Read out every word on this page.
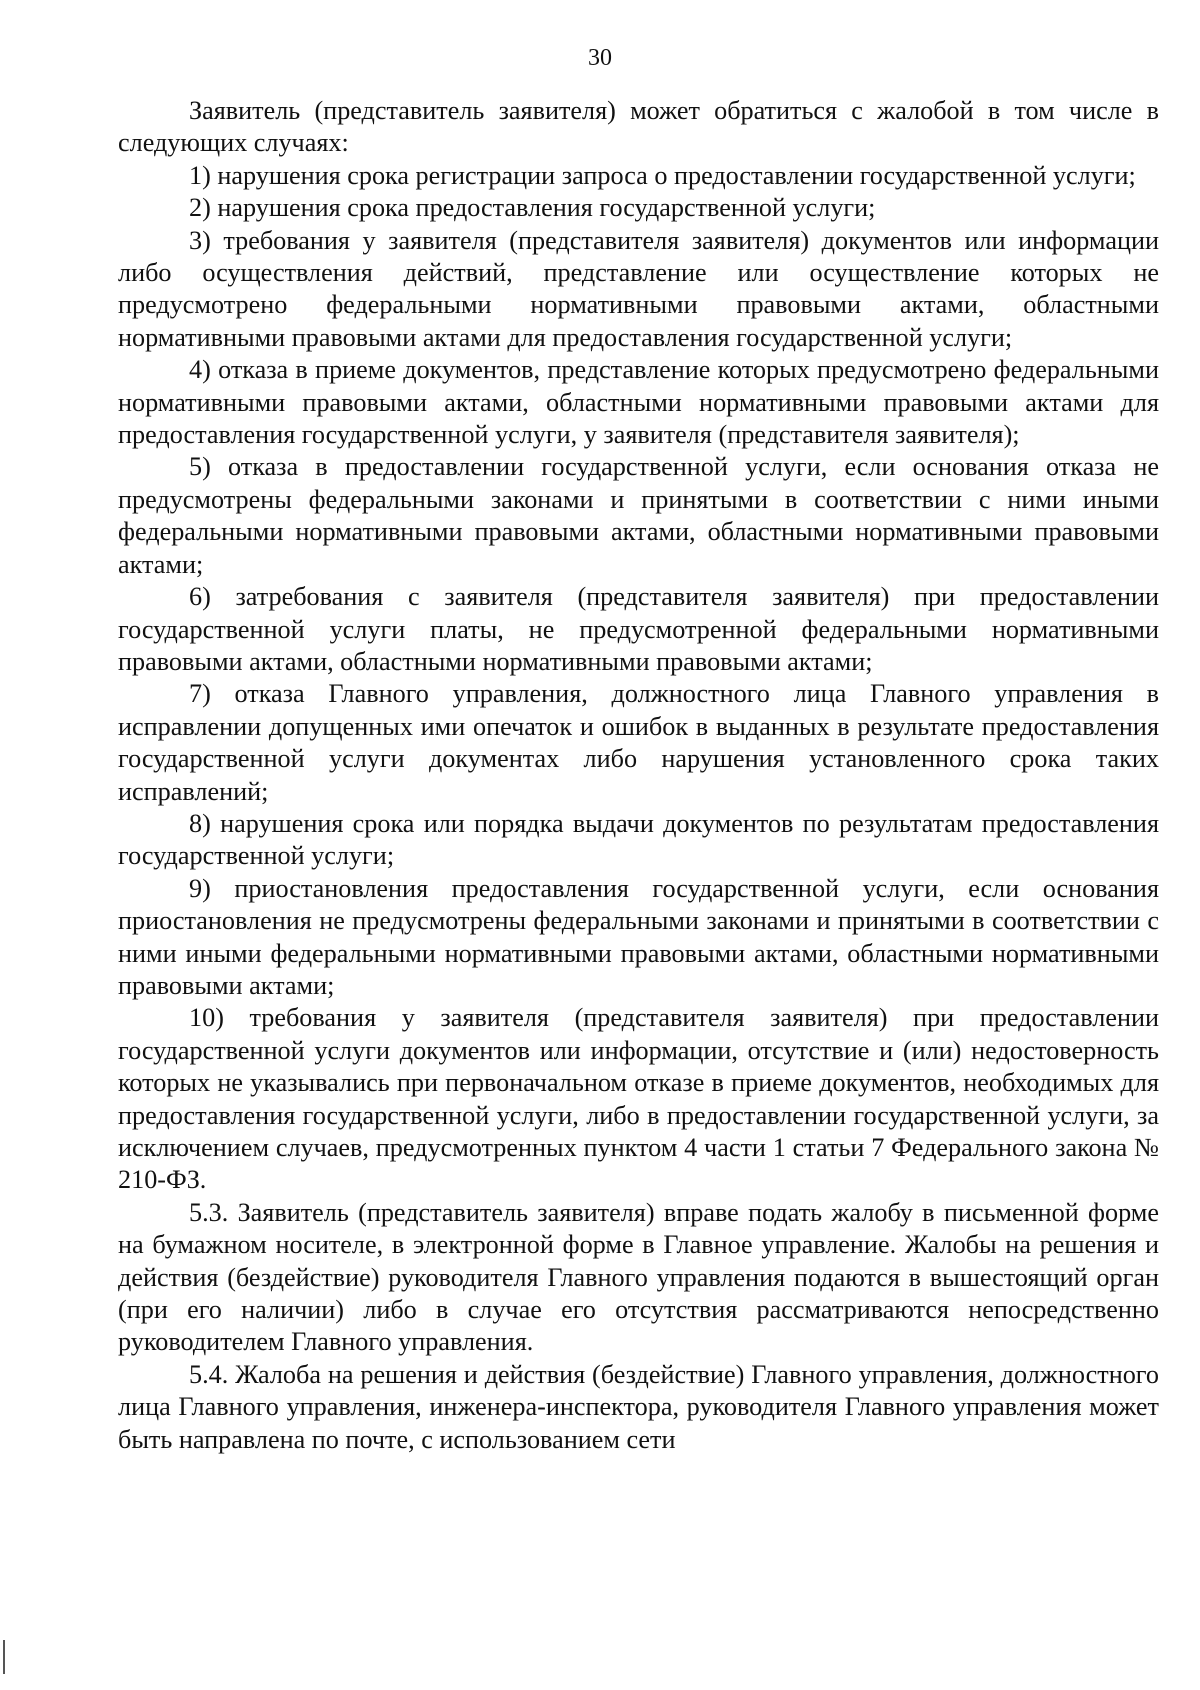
30

Заявитель (представитель заявителя) может обратиться с жалобой в том числе в следующих случаях:

1) нарушения срока регистрации запроса о предоставлении государственной услуги;

2) нарушения срока предоставления государственной услуги;

3) требования у заявителя (представителя заявителя) документов или информации либо осуществления действий, представление или осуществление которых не предусмотрено федеральными нормативными правовыми актами, областными нормативными правовыми актами для предоставления государственной услуги;

4) отказа в приеме документов, представление которых предусмотрено федеральными нормативными правовыми актами, областными нормативными правовыми актами для предоставления государственной услуги, у заявителя (представителя заявителя);

5) отказа в предоставлении государственной услуги, если основания отказа не предусмотрены федеральными законами и принятыми в соответствии с ними иными федеральными нормативными правовыми актами, областными нормативными правовыми актами;

6) затребования с заявителя (представителя заявителя) при предоставлении государственной услуги платы, не предусмотренной федеральными нормативными правовыми актами, областными нормативными правовыми актами;

7) отказа Главного управления, должностного лица Главного управления в исправлении допущенных ими опечаток и ошибок в выданных в результате предоставления государственной услуги документах либо нарушения установленного срока таких исправлений;

8) нарушения срока или порядка выдачи документов по результатам предоставления государственной услуги;

9) приостановления предоставления государственной услуги, если основания приостановления не предусмотрены федеральными законами и принятыми в соответствии с ними иными федеральными нормативными правовыми актами, областными нормативными правовыми актами;

10) требования у заявителя (представителя заявителя) при предоставлении государственной услуги документов или информации, отсутствие и (или) недостоверность которых не указывались при первоначальном отказе в приеме документов, необходимых для предоставления государственной услуги, либо в предоставлении государственной услуги, за исключением случаев, предусмотренных пунктом 4 части 1 статьи 7 Федерального закона № 210-ФЗ.

5.3. Заявитель (представитель заявителя) вправе подать жалобу в письменной форме на бумажном носителе, в электронной форме в Главное управление. Жалобы на решения и действия (бездействие) руководителя Главного управления подаются в вышестоящий орган (при его наличии) либо в случае его отсутствия рассматриваются непосредственно руководителем Главного управления.

5.4. Жалоба на решения и действия (бездействие) Главного управления, должностного лица Главного управления, инженера-инспектора, руководителя Главного управления может быть направлена по почте, с использованием сети
